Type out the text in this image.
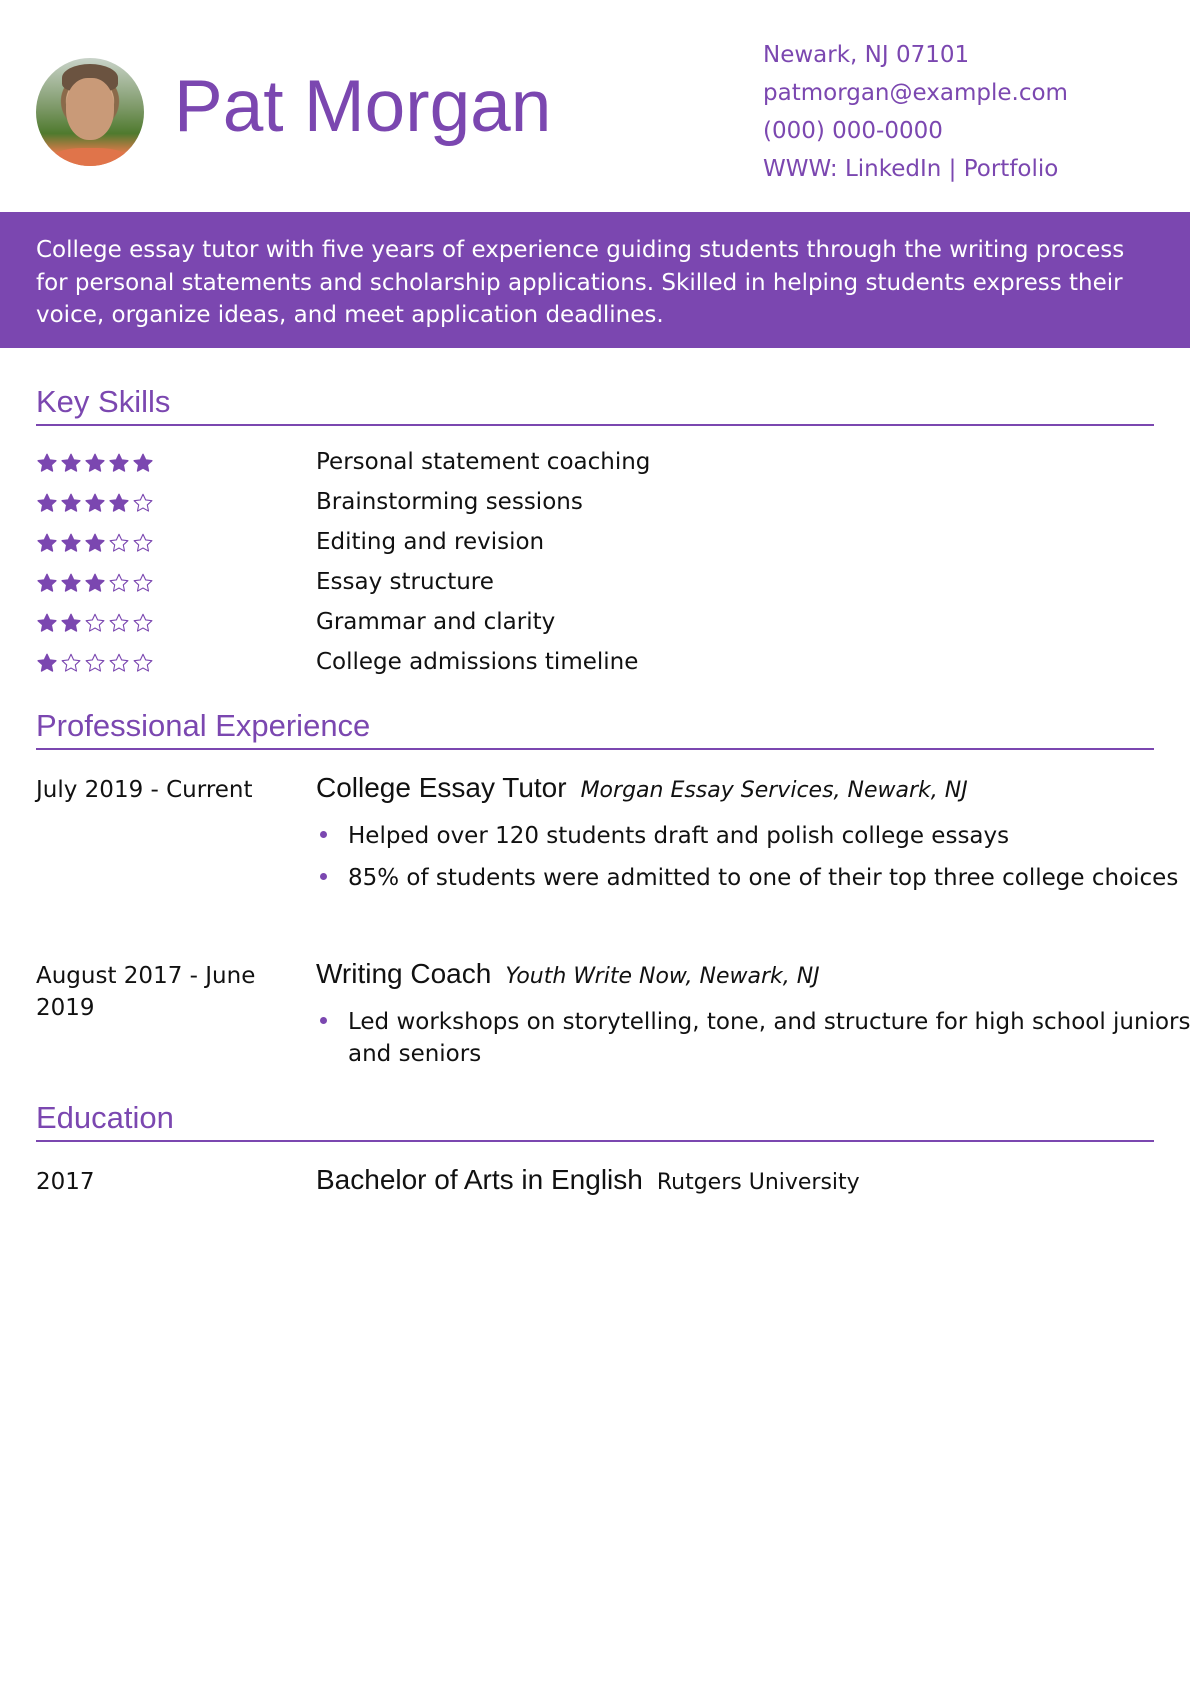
Pat Morgan
Newark, NJ 07101
patmorgan@example.com
(000) 000-0000
WWW: LinkedIn | Portfolio

College essay tutor with five years of experience guiding students through the writing process for personal statements and scholarship applications. Skilled in helping students express their voice, organize ideas, and meet application deadlines.

Key Skills
Personal statement coaching
Brainstorming sessions
Editing and revision
Essay structure
Grammar and clarity
College admissions timeline
Professional Experience
July 2019 - Current	College Essay Tutor Morgan Essay Services, Newark, NJ
Helped over 120 students draft and polish college essays
85% of students were admitted to one of their top three college choices
August 2017 - June 2019
Writing Coach Youth Write Now, Newark, NJ
Led workshops on storytelling, tone, and structure for high school juniors and seniors
Education
2017	Bachelor of Arts in English Rutgers University
